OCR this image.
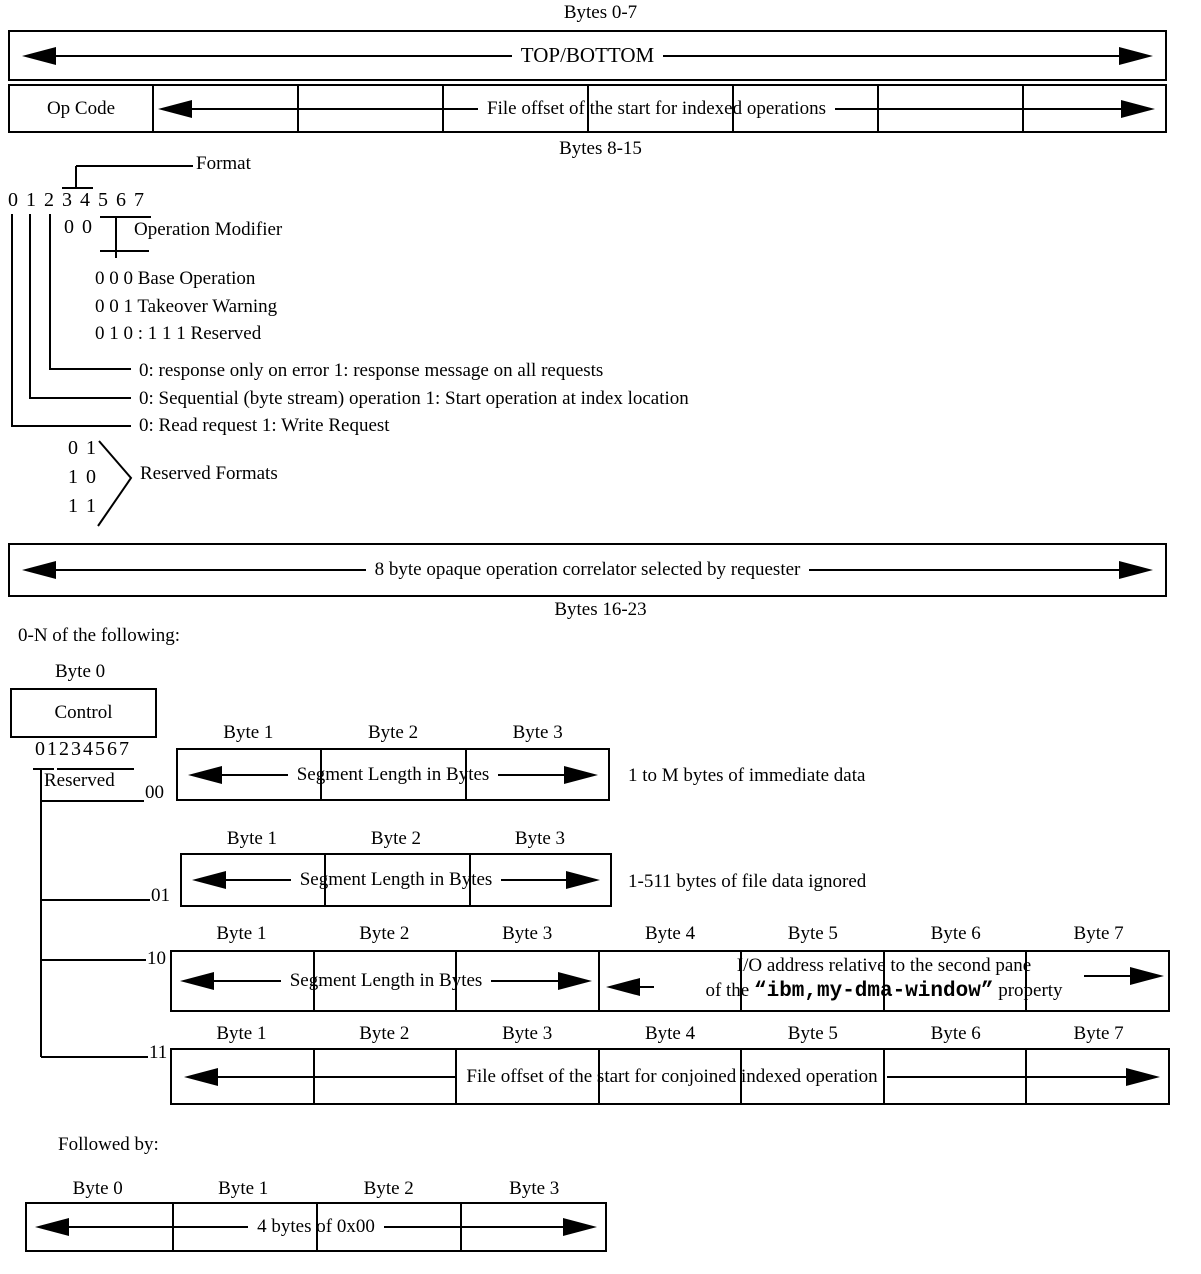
Bytes 0-7
TOP/BOTTOM
Op Code	File offset of the start for indexed operations
Bytes 8-15
Format
0 1 2 3 4 5 6 7
0 0 Operation Modifier
0 0 0 Base Operation
0 0 1 Takeover Warning
0 1 0 : 1 1 1 Reserved
0: response only on error 1: response message on all requests
0: Sequential (byte stream) operation 1: Start operation at index location
0: Read request 1: Write Request
0 1
1 0
1 1
Reserved Formats
8 byte opaque operation correlator selected by requester
Bytes 16-23
0-N of the following:
Byte 0
Control
01234567
Reserved
00
01
10
11
Byte 1	Byte 2	Byte 3
Segment Length in Bytes	1 to M bytes of immediate data
Byte 1	Byte 2	Byte 3
Segment Length in Bytes	1-511 bytes of file data ignored
Byte 1	Byte 2	Byte 3	Byte 4	Byte 5	Byte 6	Byte 7
Segment Length in Bytes
I/O address relative to the second pane
of the “ibm,my-dma-window” property
Byte 1	Byte 2	Byte 3	Byte 4	Byte 5	Byte 6	Byte 7
File offset of the start for conjoined indexed operation
Followed by:
Byte 0	Byte 1	Byte 2	Byte 3
4 bytes of 0x00
